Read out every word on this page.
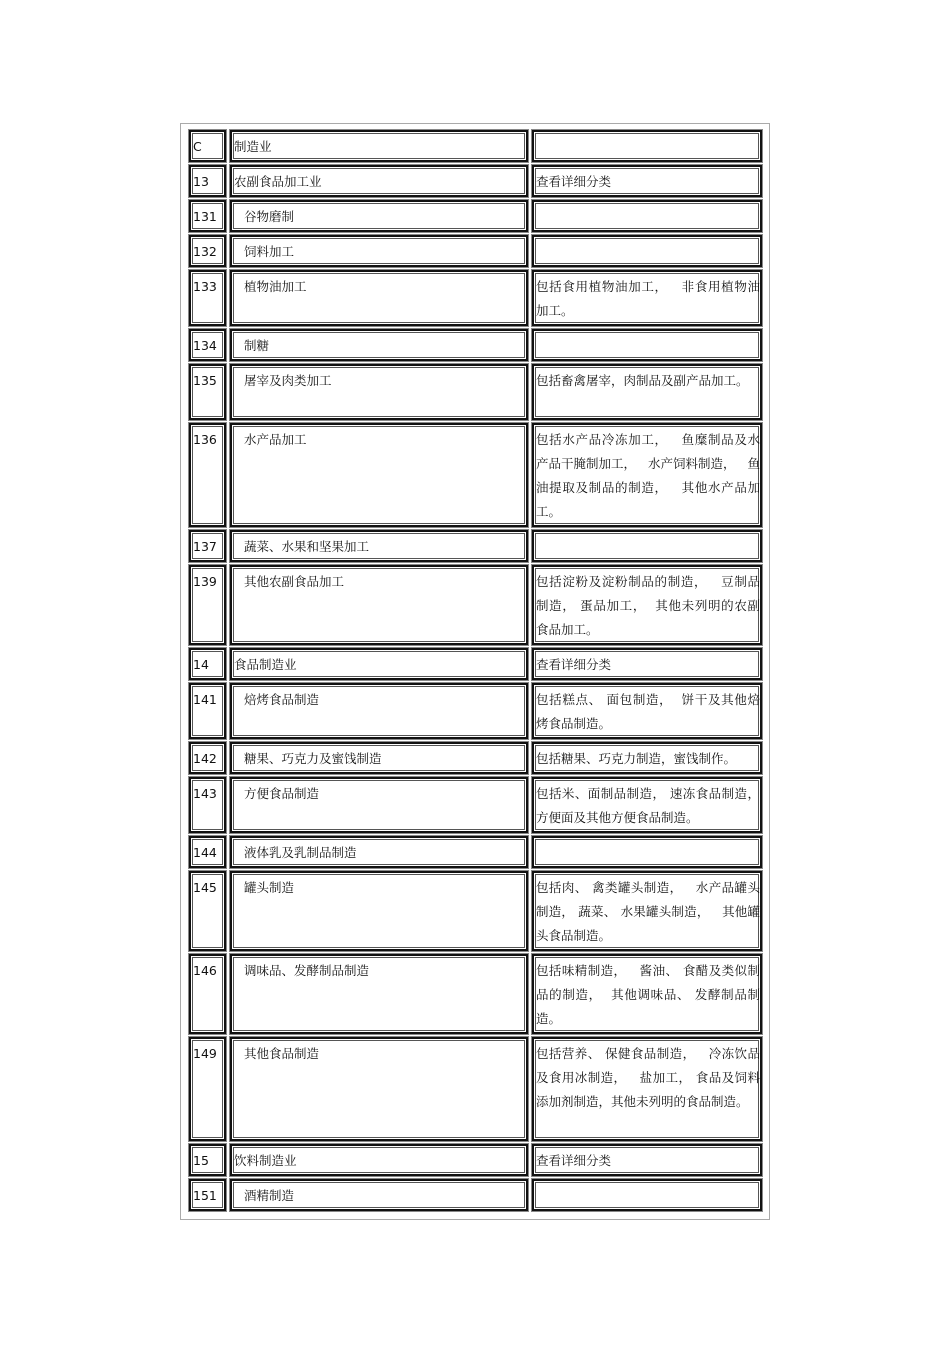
C	制造业
13	农副食品加工业	查看详细分类
131	谷物磨制
132	饲料加工
133	植物油加工	包括食用植物油加工，   非食用植物油加工。
134	制糖
135	屠宰及肉类加工	包括畜禽屠宰，肉制品及副产品加工。
136	水产品加工	包括水产品冷冻加工，   鱼糜制品及水产品干腌制加工，   水产饲料制造，   鱼油提取及制品的制造，   其他水产品加工。
137	蔬菜、水果和坚果加工
139	其他农副食品加工	包括淀粉及淀粉制品的制造，   豆制品制造， 蛋品加工，  其他未列明的农副食品加工。
14	食品制造业	查看详细分类
141	焙烤食品制造	包括糕点、 面包制造，  饼干及其他焙烤食品制造。
142	糖果、巧克力及蜜饯制造	包括糖果、巧克力制造，蜜饯制作。
143	方便食品制造	包括米、面制品制造， 速冻食品制造，方便面及其他方便食品制造。
144	液体乳及乳制品制造
145	罐头制造	包括肉、 禽类罐头制造，   水产品罐头制造， 蔬菜、 水果罐头制造，   其他罐头食品制造。
146	调味品、发酵制品制造	包括味精制造，   酱油、 食醋及类似制品的制造，  其他调味品、 发酵制品制造。
149	其他食品制造	包括营养、 保健食品制造，   冷冻饮品及食用冰制造，   盐加工， 食品及饲料添加剂制造，其他未列明的食品制造。
15	饮料制造业	查看详细分类
151	酒精制造
